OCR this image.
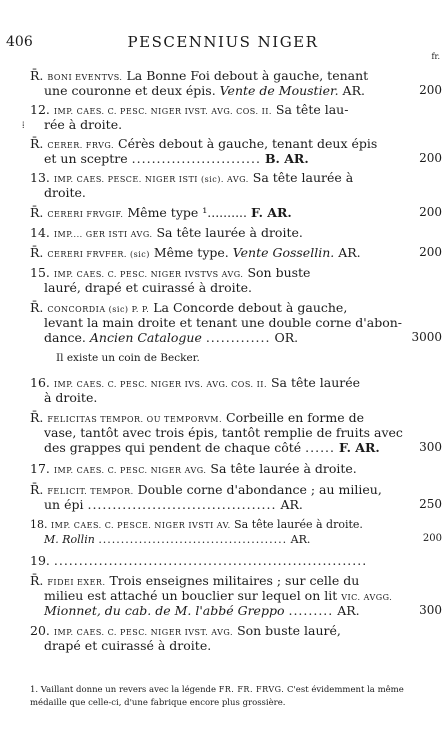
406	PESCENNIUS NIGER
fr.
R̄. BONI EVENTVS. La Bonne Foi debout à gauche, tenant
une couronne et deux épis. Vente de Moustier. AR.	200
12. IMP. CAES. C. PESC. NIGER IVST. AVG. COS. II. Sa tête lau-
⁞ rée à droite.
R̄. CERER. FRVG. Cérès debout à gauche, tenant deux épis
et un sceptre .......................... B. AR.	200
13. IMP. CAES. PESCE. NIGER ISTI (sic). AVG. Sa tête laurée à
droite.
R̄. CERERI FRVGIF. Même type ¹.......... F. AR.	200
14. IMP.... GER ISTI AVG. Sa tête laurée à droite.
R̄. CERERI FRVFER. (sic) Même type. Vente Gossellin. AR.	200
15. IMP. CAES. C. PESC. NIGER IVSTVS AVG. Son buste
lauré, drapé et cuirassé à droite.
R̄. CONCORDIA (sic) P. P. La Concorde debout à gauche,
levant la main droite et tenant une double corne d'abon-
dance. Ancien Catalogue ............. OR.	3000
Il existe un coin de Becker.
16. IMP. CAES. C. PESC. NIGER IVS. AVG. COS. II. Sa tête laurée
à droite.
R̄. FELICITAS TEMPOR. OU TEMPORVM. Corbeille en forme de
vase, tantôt avec trois épis, tantôt remplie de fruits avec
des grappes qui pendent de chaque côté ...... F. AR.	300
17. IMP. CAES. C. PESC. NIGER AVG. Sa tête laurée à droite.
R̄. FELICIT. TEMPOR. Double corne d'abondance ; au milieu,
un épi ...................................... AR.	250
18. IMP. CAES. C. PESCE. NIGER IVSTI AV. Sa tête laurée à droite.
M. Rollin .......................................... AR.	200
19. ...............................................................
R̄. FIDEI EXER. Trois enseignes militaires ; sur celle du
milieu est attaché un bouclier sur lequel on lit VIC. AVGG.
Mionnet, du cab. de M. l'abbé Greppo ......... AR.	300
20. IMP. CAES. C. PESC. NIGER IVST. AVG. Son buste lauré,
drapé et cuirassé à droite.
1. Vaillant donne un revers avec la légende FR. FR. FRVG. C'est évidemment la même
médaille que celle-ci, d'une fabrique encore plus grossière.
